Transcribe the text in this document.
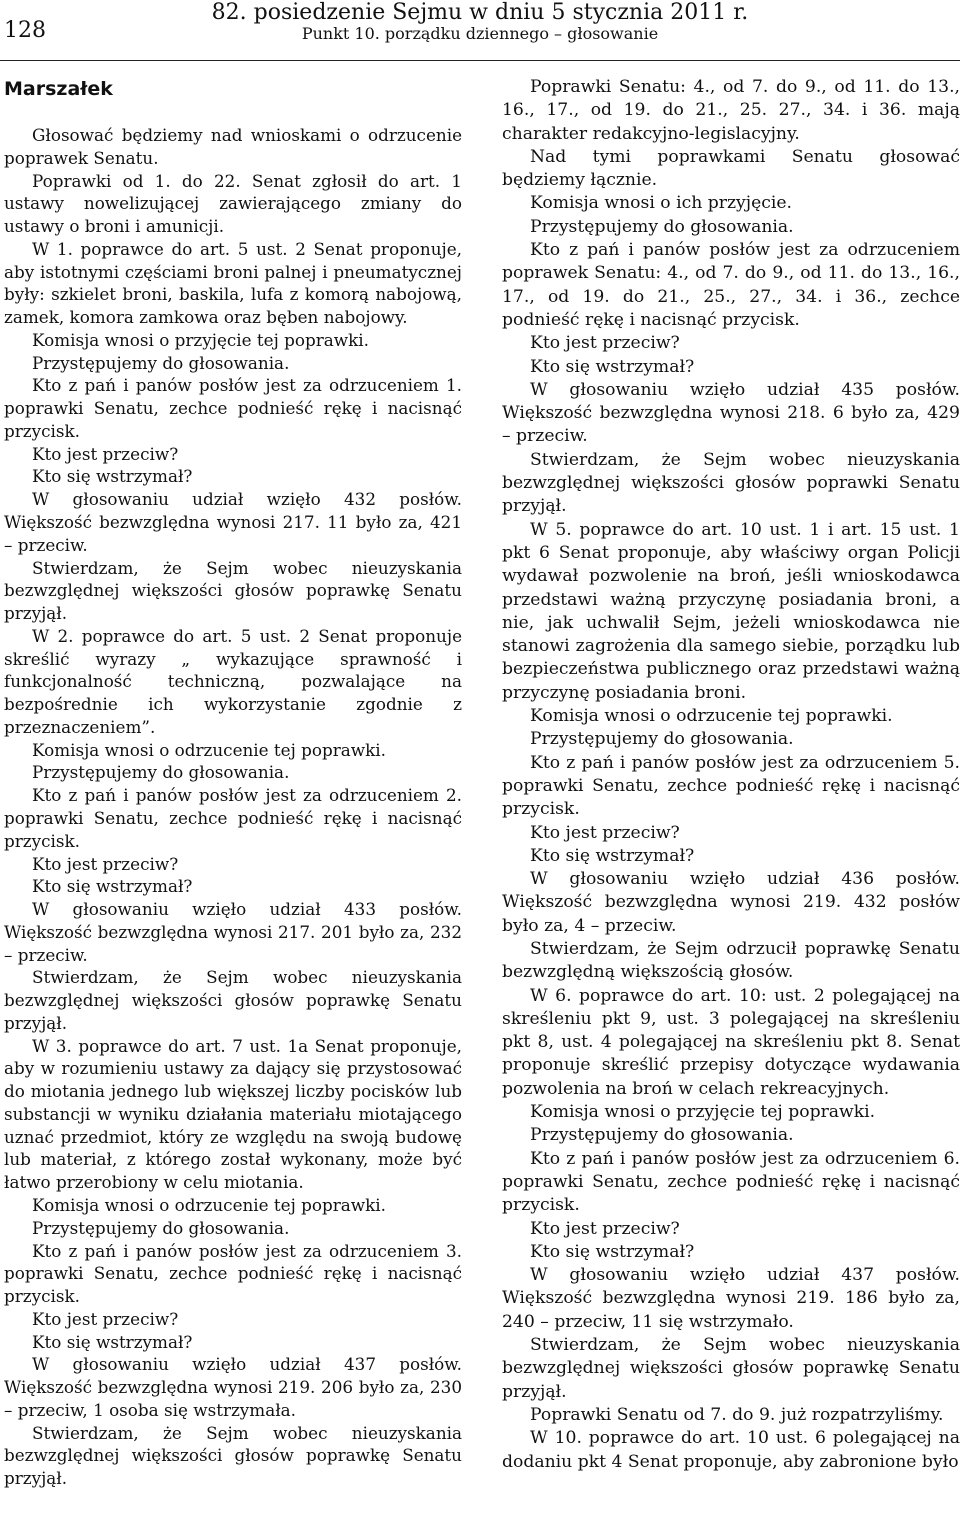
128
82. posiedzenie Sejmu w dniu 5 stycznia 2011 r.
Punkt 10. porządku dziennego – głosowanie
Marszałek

Głosować będziemy nad wnioskami o odrzucenie poprawek Senatu.

Poprawki od 1. do 22. Senat zgłosił do art. 1 ustawy nowelizującej zawierającego zmiany do ustawy o broni i amunicji.

W 1. poprawce do art. 5 ust. 2 Senat proponuje, aby istotnymi częściami broni palnej i pneumatycznej były: szkielet broni, baskila, lufa z komorą nabojową, zamek, komora zamkowa oraz bęben nabojowy.

Komisja wnosi o przyjęcie tej poprawki.

Przystępujemy do głosowania.

Kto z pań i panów posłów jest za odrzuceniem 1. poprawki Senatu, zechce podnieść rękę i nacisnąć przycisk.

Kto jest przeciw?

Kto się wstrzymał?

W głosowaniu udział wzięło 432 posłów. Większość bezwzględna wynosi 217. 11 było za, 421 – przeciw.

Stwierdzam, że Sejm wobec nieuzyskania bezwzględnej większości głosów poprawkę Senatu przyjął.

W 2. poprawce do art. 5 ust. 2 Senat proponuje skreślić wyrazy „ wykazujące sprawność i funkcjonalność techniczną, pozwalające na bezpośrednie ich wykorzystanie zgodnie z przeznaczeniem”.

Komisja wnosi o odrzucenie tej poprawki.

Przystępujemy do głosowania.

Kto z pań i panów posłów jest za odrzuceniem 2. poprawki Senatu, zechce podnieść rękę i nacisnąć przycisk.

Kto jest przeciw?

Kto się wstrzymał?

W głosowaniu wzięło udział 433 posłów. Większość bezwzględna wynosi 217. 201 było za, 232 – przeciw.

Stwierdzam, że Sejm wobec nieuzyskania bezwzględnej większości głosów poprawkę Senatu przyjął.

W 3. poprawce do art. 7 ust. 1a Senat proponuje, aby w rozumieniu ustawy za dający się przystosować do miotania jednego lub większej liczby pocisków lub substancji w wyniku działania materiału miotającego uznać przedmiot, który ze względu na swoją budowę lub materiał, z którego został wykonany, może być łatwo przerobiony w celu miotania.

Komisja wnosi o odrzucenie tej poprawki.

Przystępujemy do głosowania.

Kto z pań i panów posłów jest za odrzuceniem 3. poprawki Senatu, zechce podnieść rękę i nacisnąć przycisk.

Kto jest przeciw?

Kto się wstrzymał?

W głosowaniu wzięło udział 437 posłów. Większość bezwzględna wynosi 219. 206 było za, 230 – przeciw, 1 osoba się wstrzymała.

Stwierdzam, że Sejm wobec nieuzyskania bezwzględnej większości głosów poprawkę Senatu przyjął.

Poprawki Senatu: 4., od 7. do 9., od 11. do 13., 16., 17., od 19. do 21., 25. 27., 34. i 36. mają charakter redakcyjno-legislacyjny.

Nad tymi poprawkami Senatu głosować będziemy łącznie.

Komisja wnosi o ich przyjęcie.

Przystępujemy do głosowania.

Kto z pań i panów posłów jest za odrzuceniem poprawek Senatu: 4., od 7. do 9., od 11. do 13., 16., 17., od 19. do 21., 25., 27., 34. i 36., zechce podnieść rękę i nacisnąć przycisk.

Kto jest przeciw?

Kto się wstrzymał?

W głosowaniu wzięło udział 435 posłów. Większość bezwzględna wynosi 218. 6 było za, 429 – przeciw.

Stwierdzam, że Sejm wobec nieuzyskania bezwzględnej większości głosów poprawki Senatu przyjął.

W 5. poprawce do art. 10 ust. 1 i art. 15 ust. 1 pkt 6 Senat proponuje, aby właściwy organ Policji wydawał pozwolenie na broń, jeśli wnioskodawca przedstawi ważną przyczynę posiadania broni, a nie, jak uchwalił Sejm, jeżeli wnioskodawca nie stanowi zagrożenia dla samego siebie, porządku lub bezpieczeństwa publicznego oraz przedstawi ważną przyczynę posiadania broni.

Komisja wnosi o odrzucenie tej poprawki.

Przystępujemy do głosowania.

Kto z pań i panów posłów jest za odrzuceniem 5. poprawki Senatu, zechce podnieść rękę i nacisnąć przycisk.

Kto jest przeciw?

Kto się wstrzymał?

W głosowaniu wzięło udział 436 posłów. Większość bezwzględna wynosi 219. 432 posłów było za, 4 – przeciw.

Stwierdzam, że Sejm odrzucił poprawkę Senatu bezwzględną większością głosów.

W 6. poprawce do art. 10: ust. 2 polegającej na skreśleniu pkt 9, ust. 3 polegającej na skreśleniu pkt 8, ust. 4 polegającej na skreśleniu pkt 8. Senat proponuje skreślić przepisy dotyczące wydawania pozwolenia na broń w celach rekreacyjnych.

Komisja wnosi o przyjęcie tej poprawki.

Przystępujemy do głosowania.

Kto z pań i panów posłów jest za odrzuceniem 6. poprawki Senatu, zechce podnieść rękę i nacisnąć przycisk.

Kto jest przeciw?

Kto się wstrzymał?

W głosowaniu wzięło udział 437 posłów. Większość bezwzględna wynosi 219. 186 było za, 240 – przeciw, 11 się wstrzymało.

Stwierdzam, że Sejm wobec nieuzyskania bezwzględnej większości głosów poprawkę Senatu przyjął.

Poprawki Senatu od 7. do 9. już rozpatrzyliśmy.

W 10. poprawce do art. 10 ust. 6 polegającej na dodaniu pkt 4 Senat proponuje, aby zabronione było
